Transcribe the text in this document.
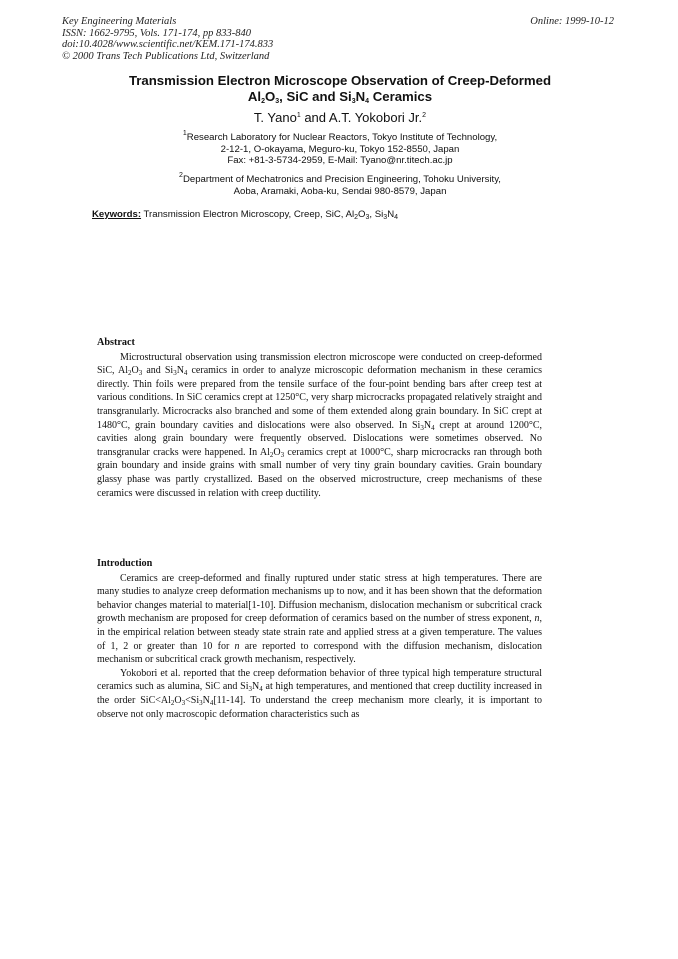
Key Engineering Materials
ISSN: 1662-9795, Vols. 171-174, pp 833-840
doi:10.4028/www.scientific.net/KEM.171-174.833
© 2000 Trans Tech Publications Ltd, Switzerland
Online: 1999-10-12
Transmission Electron Microscope Observation of Creep-Deformed
$Al_2O_3$, SiC and $Si_3N_4$ Ceramics
T. Yano$^1$ and A.T. Yokobori Jr.$^2$
$^1$Research Laboratory for Nuclear Reactors, Tokyo Institute of Technology,
2-12-1, O-okayama, Meguro-ku, Tokyo 152-8550, Japan
Fax: +81-3-5734-2959, E-Mail: Tyano@nr.titech.ac.jp
$^2$Department of Mechatronics and Precision Engineering, Tohoku University,
Aoba, Aramaki, Aoba-ku, Sendai 980-8579, Japan
Keywords: Transmission Electron Microscopy, Creep, SiC, $Al_2O_3$, $Si_3N_4$
Abstract

Microstructural observation using transmission electron microscope were conducted on creep-deformed SiC, $Al_2O_3$ and $Si_3N_4$ ceramics in order to analyze microscopic deformation mechanism in these ceramics directly. Thin foils were prepared from the tensile surface of the four-point bending bars after creep test at various conditions. In SiC ceramics crept at 1250°C, very sharp microcracks propagated relatively straight and transgranularly. Microcracks also branched and some of them extended along grain boundary. In SiC crept at 1480°C, grain boundary cavities and dislocations were also observed. In $Si_3N_4$ crept at around 1200°C, cavities along grain boundary were frequently observed. Dislocations were sometimes observed. No transgranular cracks were happened. In $Al_2O_3$ ceramics crept at 1000°C, sharp microcracks ran through both grain boundary and inside grains with small number of very tiny grain boundary cavities. Grain boundary glassy phase was partly crystallized. Based on the observed microstructure, creep mechanisms of these ceramics were discussed in relation with creep ductility.

Introduction

Ceramics are creep-deformed and finally ruptured under static stress at high temperatures. There are many studies to analyze creep deformation mechanisms up to now, and it has been shown that the deformation behavior changes material to material[1-10]. Diffusion mechanism, dislocation mechanism or subcritical crack growth mechanism are proposed for creep deformation of ceramics based on the number of stress exponent, n, in the empirical relation between steady state strain rate and applied stress at a given temperature. The values of 1, 2 or greater than 10 for n are reported to correspond with the diffusion mechanism, dislocation mechanism or subcritical crack growth mechanism, respectively.

Yokobori et al. reported that the creep deformation behavior of three typical high temperature structural ceramics such as alumina, SiC and $Si_3N_4$ at high temperatures, and mentioned that creep ductility increased in the order $SiC<Al_2O_3<Si_3N_4[11-14]$. To understand the creep mechanism more clearly, it is important to observe not only macroscopic deformation characteristics such as
